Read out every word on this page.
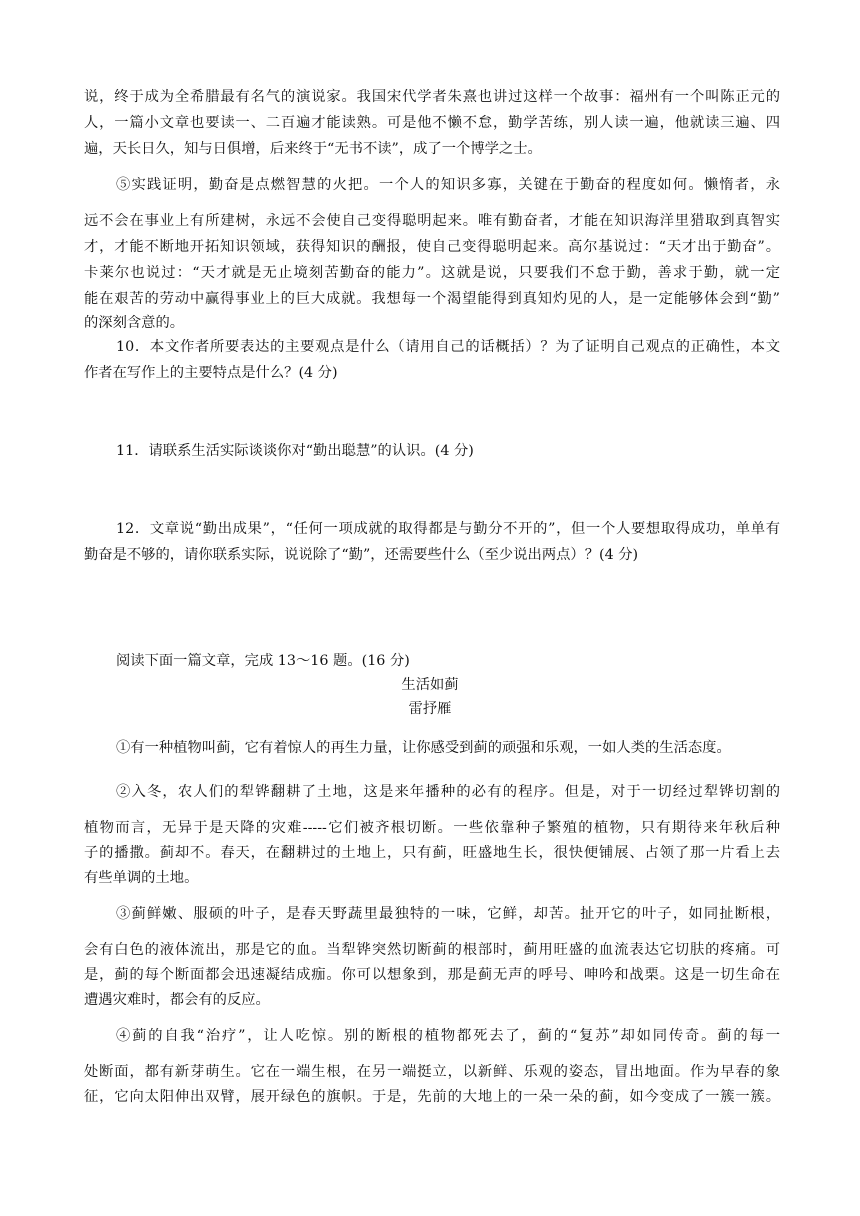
说，终于成为全希腊最有名气的演说家。我国宋代学者朱熹也讲过这样一个故事：福州有一个叫陈正元的
人，一篇小文章也要读一、二百遍才能读熟。可是他不懒不怠，勤学苦练，别人读一遍，他就读三遍、四
遍，天长日久，知与日俱增，后来终于“无书不读”，成了一个博学之士。
⑤实践证明，勤奋是点燃智慧的火把。一个人的知识多寡，关键在于勤奋的程度如何。懒惰者，永
远不会在事业上有所建树，永远不会使自己变得聪明起来。唯有勤奋者，才能在知识海洋里猎取到真智实
才，才能不断地开拓知识领域，获得知识的酬报，使自己变得聪明起来。高尔基说过：“天才出于勤奋”。
卡莱尔也说过：“天才就是无止境刻苦勤奋的能力”。这就是说，只要我们不怠于勤，善求于勤，就一定
能在艰苦的劳动中赢得事业上的巨大成就。我想每一个渴望能得到真知灼见的人，是一定能够体会到“勤”
的深刻含意的。
10．本文作者所要表达的主要观点是什么（请用自己的话概括）？为了证明自己观点的正确性，本文
作者在写作上的主要特点是什么？(4 分)
11．请联系生活实际谈谈你对“勤出聪慧”的认识。(4 分)
12．文章说“勤出成果”，“任何一项成就的取得都是与勤分不开的”，但一个人要想取得成功，单单有
勤奋是不够的，请你联系实际，说说除了“勤”，还需要些什么（至少说出两点）？(4 分)
阅读下面一篇文章，完成 13～16 题。(16 分)
生活如蓟
雷抒雁
①有一种植物叫蓟，它有着惊人的再生力量，让你感受到蓟的顽强和乐观，一如人类的生活态度。
②入冬，农人们的犁铧翻耕了土地，这是来年播种的必有的程序。但是，对于一切经过犁铧切割的
植物而言，无异于是天降的灾难-----它们被齐根切断。一些依靠种子繁殖的植物，只有期待来年秋后种
子的播撒。蓟却不。春天，在翻耕过的土地上，只有蓟，旺盛地生长，很快便铺展、占领了那一片看上去
有些单调的土地。
③蓟鲜嫩、服硕的叶子，是春天野蔬里最独特的一味，它鲜，却苦。扯开它的叶子，如同扯断根，
会有白色的液体流出，那是它的血。当犁铧突然切断蓟的根部时，蓟用旺盛的血流表达它切肤的疼痛。可
是，蓟的每个断面都会迅速凝结成痂。你可以想象到，那是蓟无声的呼号、呻吟和战栗。这是一切生命在
遭遇灾难时，都会有的反应。
④蓟的自我“治疗”，让人吃惊。别的断根的植物都死去了，蓟的“复苏”却如同传奇。蓟的每一
处断面，都有新芽萌生。它在一端生根，在另一端挺立，以新鲜、乐观的姿态，冒出地面。作为早春的象
征，它向太阳伸出双臂，展开绿色的旗帜。于是，先前的大地上的一朵一朵的蓟，如今变成了一簇一簇。
